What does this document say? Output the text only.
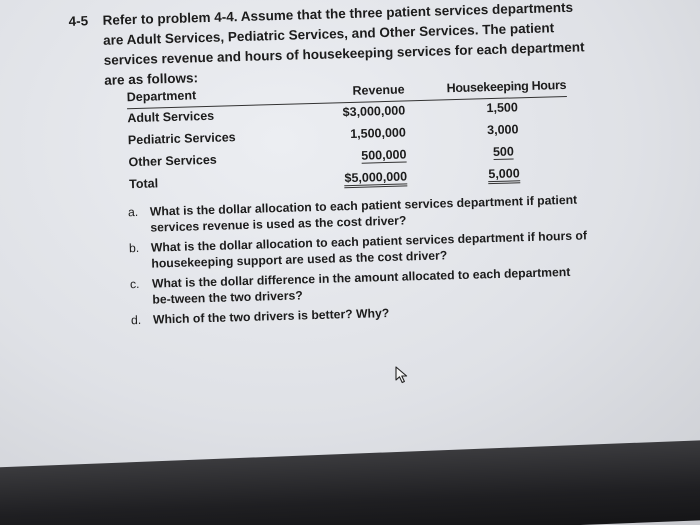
4-5 Refer to problem 4-4. Assume that the three patient services departments are Adult Services, Pediatric Services, and Other Services. The patient services revenue and hours of housekeeping services for each department are as follows:
Department	Revenue	Housekeeping Hours
Adult Services	$3,000,000	1,500
Pediatric Services	1,500,000	3,000
Other Services	500,000	500
Total	$5,000,000	5,000
a. What is the dollar allocation to each patient services department if patient services revenue is used as the cost driver?
b. What is the dollar allocation to each patient services department if hours of housekeeping support are used as the cost driver?
c. What is the dollar difference in the amount allocated to each department be-tween the two drivers?
d. Which of the two drivers is better? Why?
